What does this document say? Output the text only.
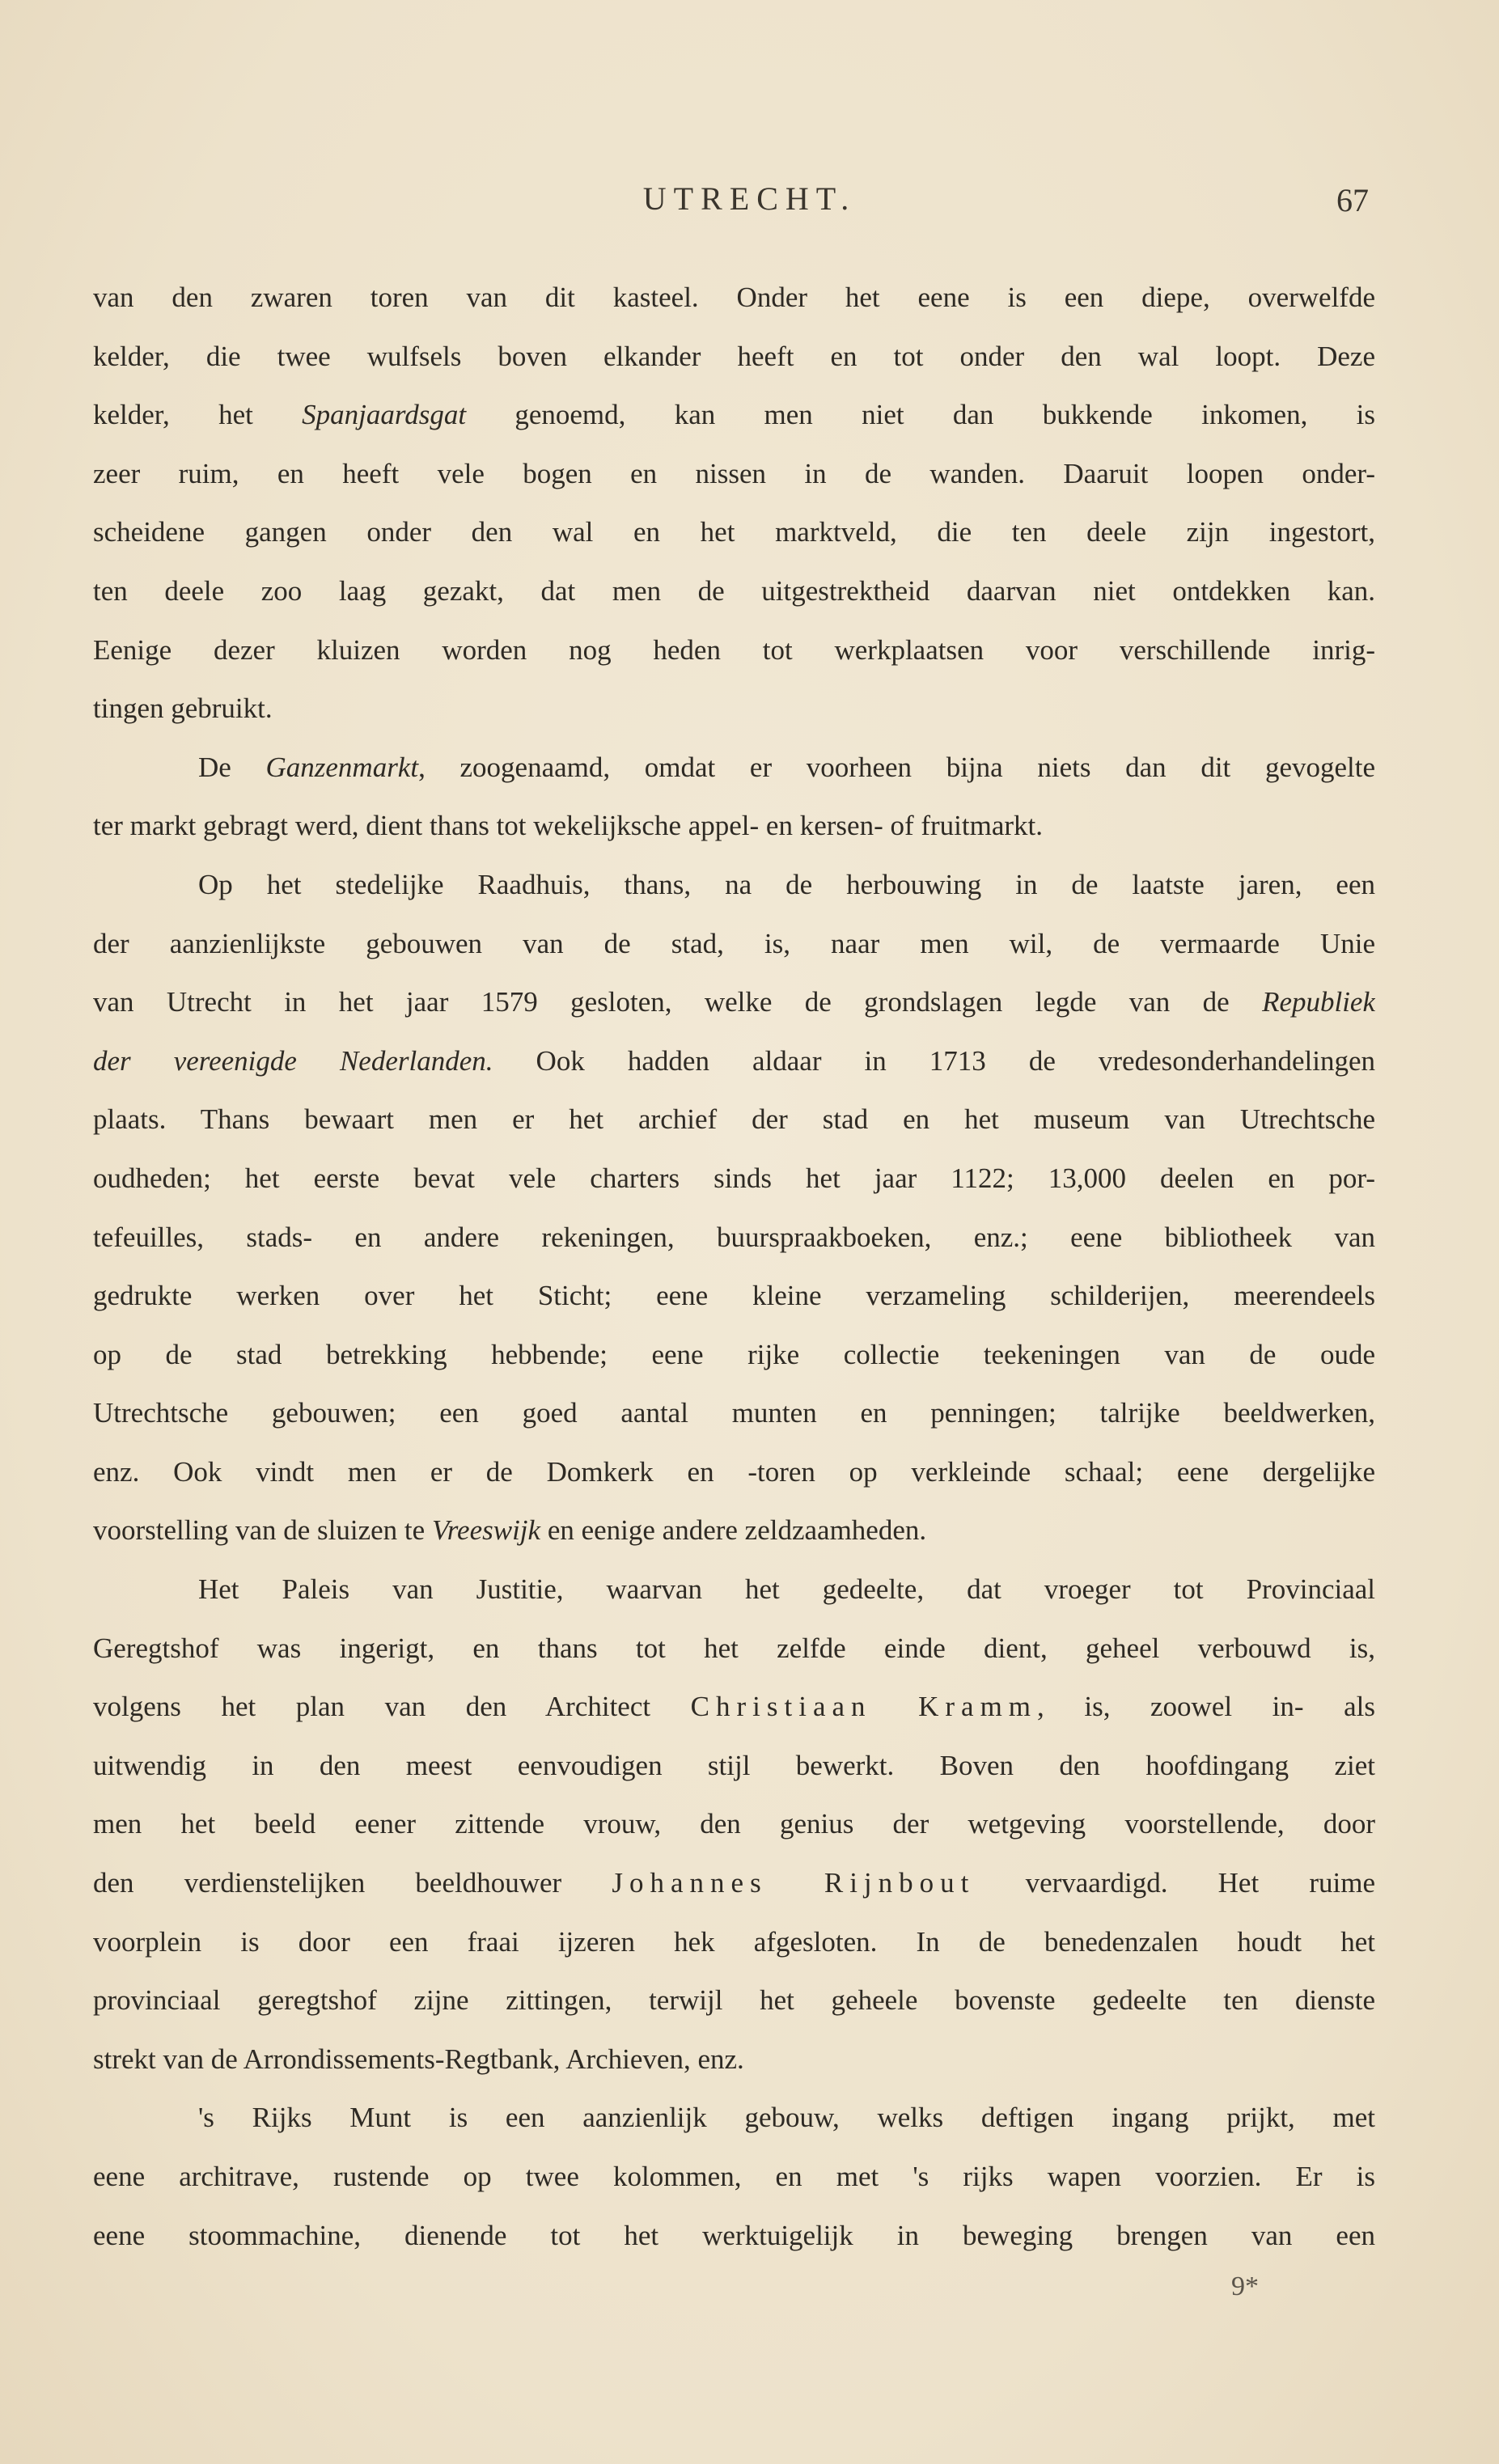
UTRECHT.	67

van den zwaren toren van dit kasteel. Onder het eene is een diepe, overwelfde

kelder, die twee wulfsels boven elkander heeft en tot onder den wal loopt. Deze

kelder, het Spanjaardsgat genoemd, kan men niet dan bukkende inkomen, is

zeer ruim, en heeft vele bogen en nissen in de wanden. Daaruit loopen onder-

scheidene gangen onder den wal en het marktveld, die ten deele zijn ingestort,

ten deele zoo laag gezakt, dat men de uitgestrektheid daarvan niet ontdekken kan.

Eenige dezer kluizen worden nog heden tot werkplaatsen voor verschillende inrig-

tingen gebruikt.

De Ganzenmarkt, zoogenaamd, omdat er voorheen bijna niets dan dit gevogelte

ter markt gebragt werd, dient thans tot wekelijksche appel- en kersen- of fruitmarkt.

Op het stedelijke Raadhuis, thans, na de herbouwing in de laatste jaren, een

der aanzienlijkste gebouwen van de stad, is, naar men wil, de vermaarde Unie

van Utrecht in het jaar 1579 gesloten, welke de grondslagen legde van de Republiek

der vereenigde Nederlanden. Ook hadden aldaar in 1713 de vredesonderhandelingen

plaats. Thans bewaart men er het archief der stad en het museum van Utrechtsche

oudheden; het eerste bevat vele charters sinds het jaar 1122; 13,000 deelen en por-

tefeuilles, stads- en andere rekeningen, buurspraakboeken, enz.; eene bibliotheek van

gedrukte werken over het Sticht; eene kleine verzameling schilderijen, meerendeels

op de stad betrekking hebbende; eene rijke collectie teekeningen van de oude

Utrechtsche gebouwen; een goed aantal munten en penningen; talrijke beeldwerken,

enz. Ook vindt men er de Domkerk en -toren op verkleinde schaal; eene dergelijke

voorstelling van de sluizen te Vreeswijk en eenige andere zeldzaamheden.

Het Paleis van Justitie, waarvan het gedeelte, dat vroeger tot Provinciaal

Geregtshof was ingerigt, en thans tot het zelfde einde dient, geheel verbouwd is,

volgens het plan van den Architect Christiaan Kramm, is, zoowel in- als

uitwendig in den meest eenvoudigen stijl bewerkt. Boven den hoofdingang ziet

men het beeld eener zittende vrouw, den genius der wetgeving voorstellende, door

den verdienstelijken beeldhouwer Johannes Rijnbout vervaardigd. Het ruime

voorplein is door een fraai ijzeren hek afgesloten. In de benedenzalen houdt het

provinciaal geregtshof zijne zittingen, terwijl het geheele bovenste gedeelte ten dienste

strekt van de Arrondissements-Regtbank, Archieven, enz.

's Rijks Munt is een aanzienlijk gebouw, welks deftigen ingang prijkt, met

eene architrave, rustende op twee kolommen, en met 's rijks wapen voorzien. Er is

eene stoommachine, dienende tot het werktuigelijk in beweging brengen van een

9*
